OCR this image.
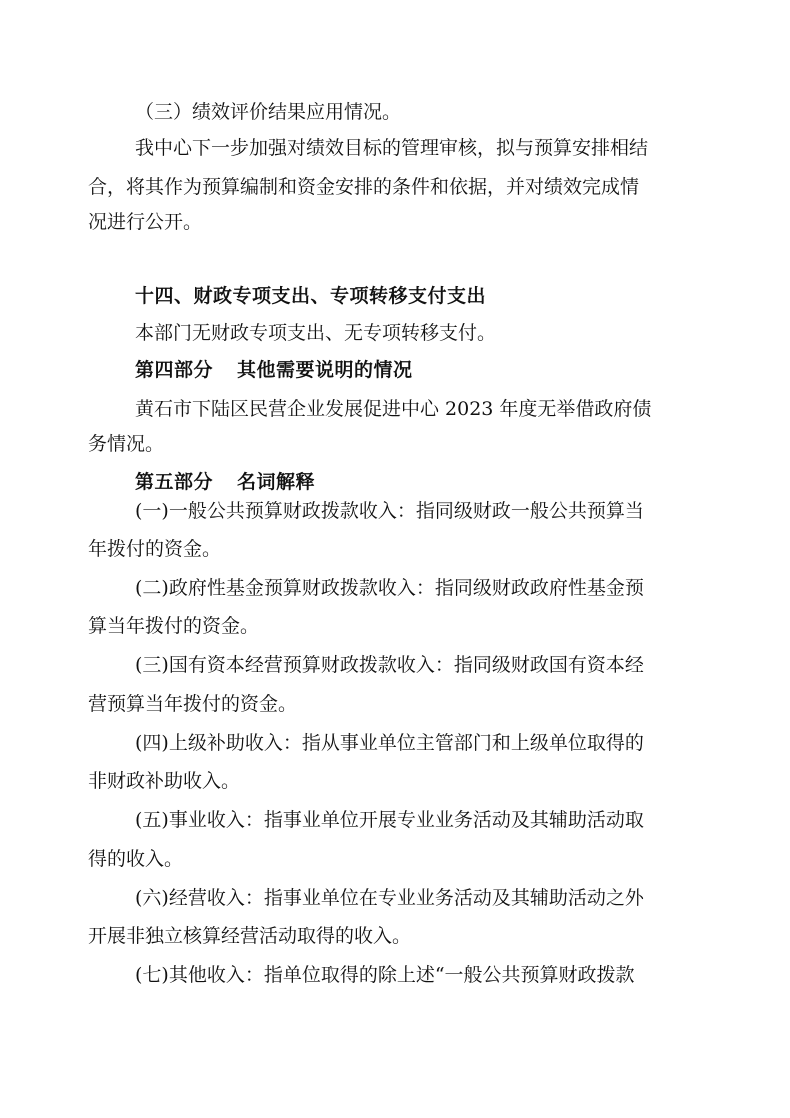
（三）绩效评价结果应用情况。
我中心下一步加强对绩效目标的管理审核，拟与预算安排相结
合，将其作为预算编制和资金安排的条件和依据，并对绩效完成情
况进行公开。
十四、财政专项支出、专项转移支付支出
本部门无财政专项支出、无专项转移支付。
第四部分 其他需要说明的情况
黄石市下陆区民营企业发展促进中心 2023 年度无举借政府债
务情况。
第五部分 名词解释
(一)一般公共预算财政拨款收入：指同级财政一般公共预算当
年拨付的资金。
(二)政府性基金预算财政拨款收入：指同级财政政府性基金预
算当年拨付的资金。
(三)国有资本经营预算财政拨款收入：指同级财政国有资本经
营预算当年拨付的资金。
(四)上级补助收入：指从事业单位主管部门和上级单位取得的
非财政补助收入。
(五)事业收入：指事业单位开展专业业务活动及其辅助活动取
得的收入。
(六)经营收入：指事业单位在专业业务活动及其辅助活动之外
开展非独立核算经营活动取得的收入。
(七)其他收入：指单位取得的除上述“一般公共预算财政拨款
